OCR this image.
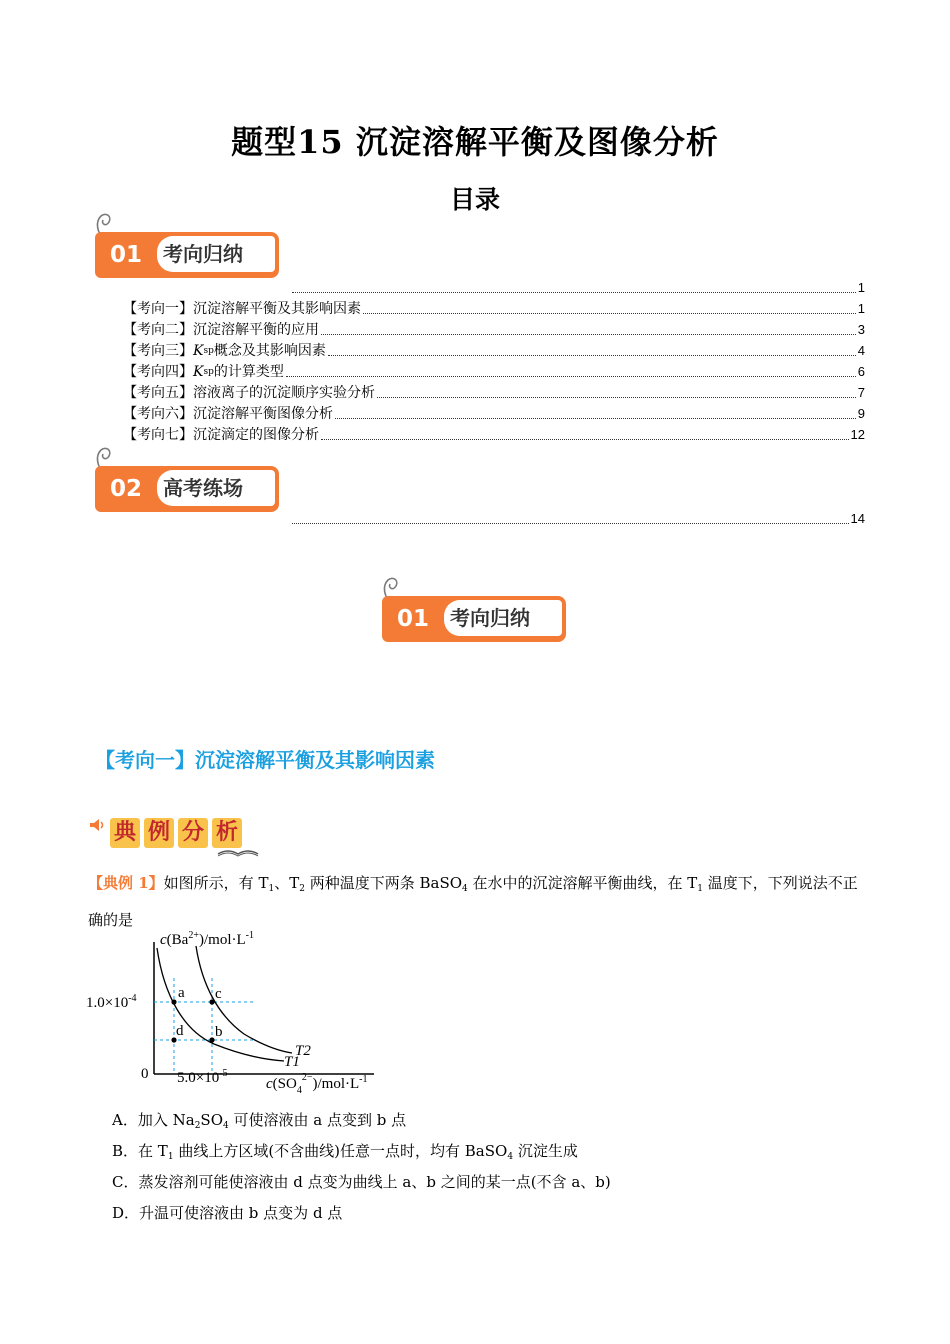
题型15 沉淀溶解平衡及图像分析
目录
01	考向归纳
1
【考向一】沉淀溶解平衡及其影响因素	1
【考向二】沉淀溶解平衡的应用	3
【考向三】 K sp 概念及其影响因素	4
【考向四】 K sp 的计算类型	6
【考向五】溶液离子的沉淀顺序实验分析	7
【考向六】沉淀溶解平衡图像分析	9
【考向七】沉淀滴定的图像分析	12
02	高考练场
14
01	考向归纳
【考向一】沉淀溶解平衡及其影响因素
典 例 分 析
【典例 1】如图所示，有 $T_1$、$T_2$ 两种温度下两条 BaSO$_4$ 在水中的沉淀溶解平衡曲线，在 $T_1$ 温度下，下列说法不正确的是
a c
d b
T2
T1
$c(Ba^{2+})/mol\cdot L^{-1}$
$1.0\times 10^{-4}$
0 $5.0\times 10^{-5}$
$c(SO_4^{2-})/mol\cdot L^{-1}$
A．加入 $Na_2SO_4$ 可使溶液由 a 点变到 b 点
B．在 $T_1$ 曲线上方区域(不含曲线)任意一点时，均有 BaSO$_4$ 沉淀生成
C．蒸发溶剂可能使溶液由 d 点变为曲线上 a、b 之间的某一点(不含 a、b)
D．升温可使溶液由 b 点变为 d 点
